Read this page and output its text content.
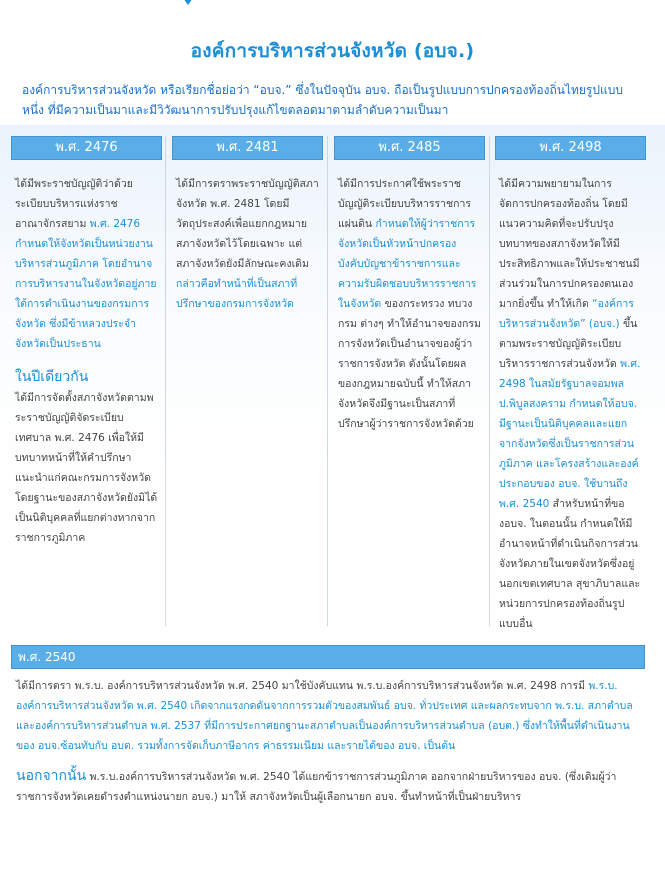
องค์การบริหารส่วนจังหวัด (อบจ.)

องค์การบริหารส่วนจังหวัด หรือเรียกชื่อย่อว่า “อบจ.” ซึ่งในปัจจุบัน อบจ. ถือเป็นรูปแบบการปกครองท้องถิ่นไทยรูปแบบหนึ่ง ที่มีความเป็นมาและมีวิวัฒนาการปรับปรุงแก้ไขตลอดมาตามลำดับความเป็นมา

พ.ศ. 2476
ได้มีพระราชบัญญัติว่าด้วยระเบียบบริหารแห่งราชอาณาจักรสยาม พ.ศ. 2476 กำหนดให้จังหวัดเป็นหน่วยงานบริหารส่วนภูมิภาค โดยอำนาจการบริหารงานในจังหวัดอยู่ภายใต้การดำเนินงานของกรมการจังหวัด ซึ่งมีข้าหลวงประจำจังหวัดเป็นประธาน
ในปีเดียวกัน
ได้มีการจัดตั้งสภาจังหวัดตามพระราชบัญญัติจัดระเบียบเทศบาล พ.ศ. 2476 เพื่อให้มีบทบาทหน้าที่ให้คำปรึกษาแนะนำแก่คณะกรมการจังหวัด โดยฐานะของสภาจังหวัดยังมิได้เป็นนิติบุคคลที่แยกต่างหากจากราชการภูมิภาค
พ.ศ. 2481
ได้มีการตราพระราชบัญญัติสภาจังหวัด พ.ศ. 2481 โดยมีวัตถุประสงค์เพื่อแยกกฎหมายสภาจังหวัดไว้โดยเฉพาะ แต่สภาจังหวัดยังมีลักษณะคงเดิม กล่าวคือทำหน้าที่เป็นสภาที่ปรึกษาของกรมการจังหวัด
พ.ศ. 2485
ได้มีการประกาศใช้พระราชบัญญัติระเบียบบริหารราชการแผ่นดิน กำหนดให้ผู้ว่าราชการจังหวัดเป็นหัวหน้าปกครองบังคับบัญชาข้าราชการและความรับผิดชอบบริหารราชการในจังหวัด ของกระทรวง ทบวง กรม ต่างๆ ทำให้อำนาจของกรมการจังหวัดเป็นอำนาจของผู้ว่าราชการจังหวัด ดังนั้นโดยผลของกฎหมายฉบับนี้ ทำให้สภาจังหวัดจึงมีฐานะเป็นสภาที่ปรึกษาผู้ว่าราชการจังหวัดด้วย
พ.ศ. 2498
ได้มีความพยายามในการจัดการปกครองท้องถิ่น โดยมีแนวความคิดที่จะปรับปรุง บทบาทของสภาจังหวัดให้มีประสิทธิภาพและให้ประชาชนมีส่วนร่วมในการปกครองตนเองมากยิ่งขึ้น ทำให้เกิด “องค์การบริหารส่วนจังหวัด” (อบจ.) ขึ้นตามพระราชบัญญัติระเบียบบริหารราชการส่วนจังหวัด พ.ศ. 2498 ในสมัยรัฐบาลจอมพล ป.พิบูลสงคราม กำหนดให้อบจ. มีฐานะเป็นนิติบุคคลและแยกจากจังหวัดซึ่งเป็นราชการส่วนภูมิภาค และโครงสร้างและองค์ประกอบของ อบจ. ใช้บานถึง พ.ศ. 2540 สำหรับหน้าที่ของอบจ. ในตอนนั้น กำหนดให้มีอำนาจหน้าที่ดำเนินกิจการส่วนจังหวัดภายในเขตจังหวัดซึ่งอยู่นอกเขตเทศบาล สุขาภิบาลและหน่วยการปกครองท้องถิ่นรูปแบบอื่น
พ.ศ. 2540
ได้มีการตรา พ.ร.บ. องค์การบริหารส่วนจังหวัด พ.ศ. 2540 มาใช้บังคับแทน พ.ร.บ.องค์การบริหารส่วนจังหวัด พ.ศ. 2498 การมี พ.ร.บ. องค์การบริหารส่วนจังหวัด พ.ศ. 2540 เกิดจากแรงกดดันจากการรวมตัวของสมพันธ์ อบจ. ทั่วประเทศ และผลกระทบจาก พ.ร.บ. สภาตำบลและองค์การบริหารส่วนตำบล พ.ศ. 2537 ที่มีการประกาศยกฐานะสภาตำบลเป็นองค์การบริหารส่วนตำบล (อบต.) ซึ่งทำให้พื้นที่ดำเนินงานของ อบจ.ซ้อนทับกับ อบต. รวมทั้งการจัดเก็บภาษีอากร ค่าธรรมเนียม และรายได้ของ อบจ. เป็นต้น
นอกจากนั้น พ.ร.บ.องค์การบริหารส่วนจังหวัด พ.ศ. 2540 ได้แยกข้าราชการส่วนภูมิภาค ออกจากฝ่ายบริหารของ อบจ. (ซึ่งเดิมผู้ว่าราชการจังหวัดเคยดำรงตำแหน่งนายก อบจ.) มาให้ สภาจังหวัดเป็นผู้เลือกนายก อบจ. ขึ้นทำหน้าที่เป็นฝ่ายบริหาร
